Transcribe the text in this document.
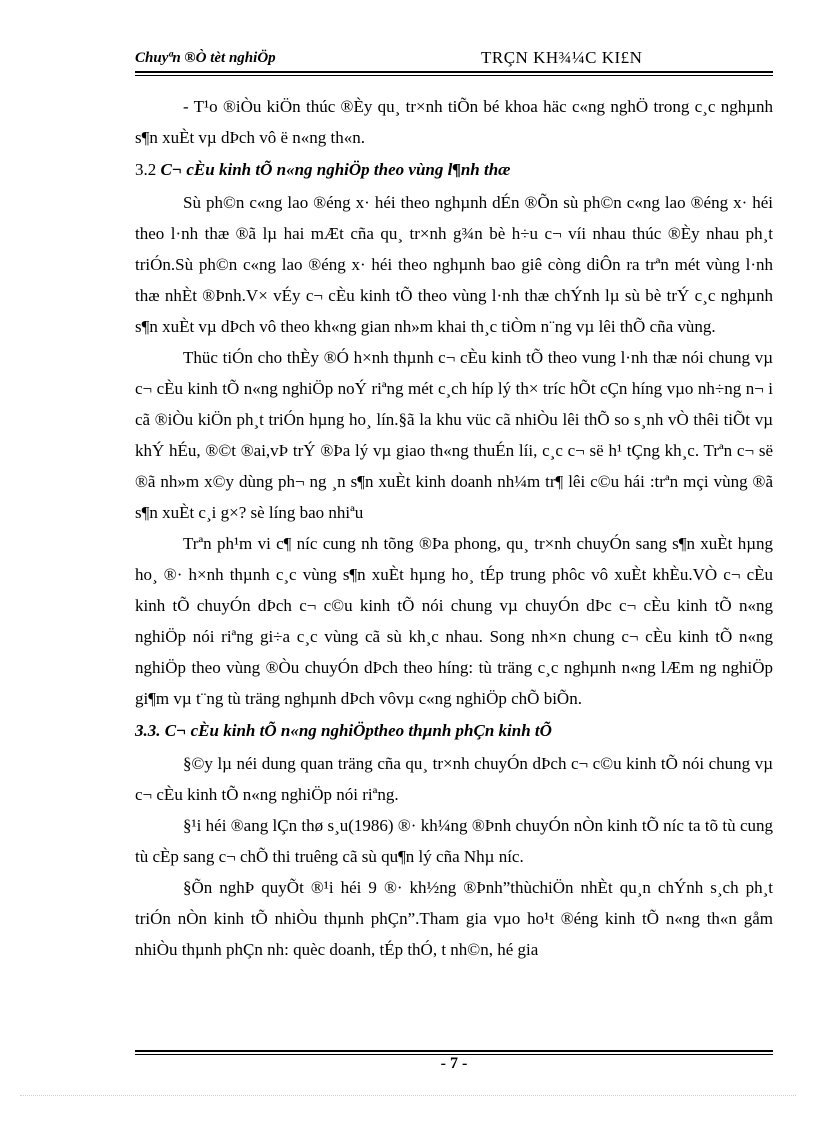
Chuyªn ®Ò tèt nghiÖp	TRÇN KH¾¼C KI£N

- T¹o ®iÒu kiÖn thúc ®Èy qu¸ tr×nh tiÕn bé khoa häc c«ng nghÖ trong c¸c nghµnh s¶n xuÈt vµ dÞch vô ë n«ng th«n.

3.2 C¬ cÈu kinh tÕ n«ng nghiÖp theo vùng l¶nh thæ

Sù ph©n c«ng lao ®éng x· héi theo nghµnh dÉn ®Õn sù ph©n c«ng lao ®éng x· héi theo l·nh thæ ®ã lµ hai mÆt cña qu¸ tr×nh g¾n bè h÷u c¬ víi nhau thúc ®Èy nhau ph¸t triÓn.Sù ph©n c«ng lao ®éng x· héi theo nghµnh bao giê còng diÔn ra trªn mét vùng l·nh thæ nhÈt ®Þnh.V× vÉy c¬ cÈu kinh tÕ theo vùng l·nh thæ chÝnh lµ sù bè trÝ c¸c nghµnh s¶n xuÈt vµ dÞch vô theo kh«ng gian nh»m khai th¸c tiÒm n¨ng vµ lêi thÕ cña vùng.

Thüc tiÓn cho thÈy ®Ó h×nh thµnh c¬ cÈu kinh tÕ theo vung l·nh thæ nói chung vµ c¬ cÈu kinh tÕ n«ng nghiÖp noÝ riªng mét c¸ch híp lý th× tríc hÕt cÇn híng vµo nh÷ng n¬ i cã ®iÒu kiÖn ph¸t triÓn hµng ho¸ lín.§ã la khu vüc cã nhiÒu lêi thÕ so s¸nh vÒ thêi tiÕt vµ khÝ hÉu, ®©t ®ai,vÞ trÝ ®Þa lý vµ giao th«ng thuÉn líi, c¸c c¬ së h¹ tÇng kh¸c. Trªn c¬ së ®ã nh»m x©y dùng ph¬ ng ¸n s¶n xuÈt kinh doanh nh¼m tr¶ lêi c©u hái :trªn mçi vùng ®ã s¶n xuÈt c¸i g×? sè líng bao nhiªu

Trªn ph¹m vi c¶ níc cung nh tõng ®Þa phong, qu¸ tr×nh chuyÓn sang s¶n xuÈt hµng ho¸ ®· h×nh thµnh c¸c vùng s¶n xuÈt hµng ho¸ tÉp trung phôc vô xuÈt khÈu.VÒ c¬ cÈu kinh tÕ chuyÓn dÞch c¬ c©u kinh tÕ nói chung vµ chuyÓn dÞc c¬ cÈu kinh tÕ n«ng nghiÖp nói riªng gi÷a c¸c vùng cã sù kh¸c nhau. Song nh×n chung c¬ cÈu kinh tÕ n«ng nghiÖp theo vùng ®Òu chuyÓn dÞch theo híng: tù träng c¸c nghµnh n«ng lÆm ng nghiÖp gi¶m vµ t¨ng tù träng nghµnh dÞch vôvµ c«ng nghiÖp chÕ biÕn.

3.3. C¬ cÈu kinh tÕ n«ng nghiÖptheo thµnh phÇn kinh tÕ

§©y lµ néi dung quan träng cña qu¸ tr×nh chuyÓn dÞch c¬ c©u kinh tÕ nói chung vµ c¬ cÈu kinh tÕ n«ng nghiÖp nói riªng.

§¹i héi ®ang lÇn thø s¸u(1986) ®· kh¼ng ®Þnh chuyÓn nÒn kinh tÕ níc ta tõ tù cung tù cÈp sang c¬ chÕ thi truêng cã sù qu¶n lý cña Nhµ níc.

§Õn nghÞ quyÕt ®¹i héi 9 ®· kh½ng ®Þnh”thùchiÖn nhÈt qu¸n chÝnh s¸ch ph¸t triÓn nÒn kinh tÕ nhiÒu thµnh phÇn”.Tham gia vµo ho¹t ®éng kinh tÕ n«ng th«n gåm nhiÒu thµnh phÇn nh: quèc doanh, tÉp thÓ, t nh©n, hé gia

- 7 -
